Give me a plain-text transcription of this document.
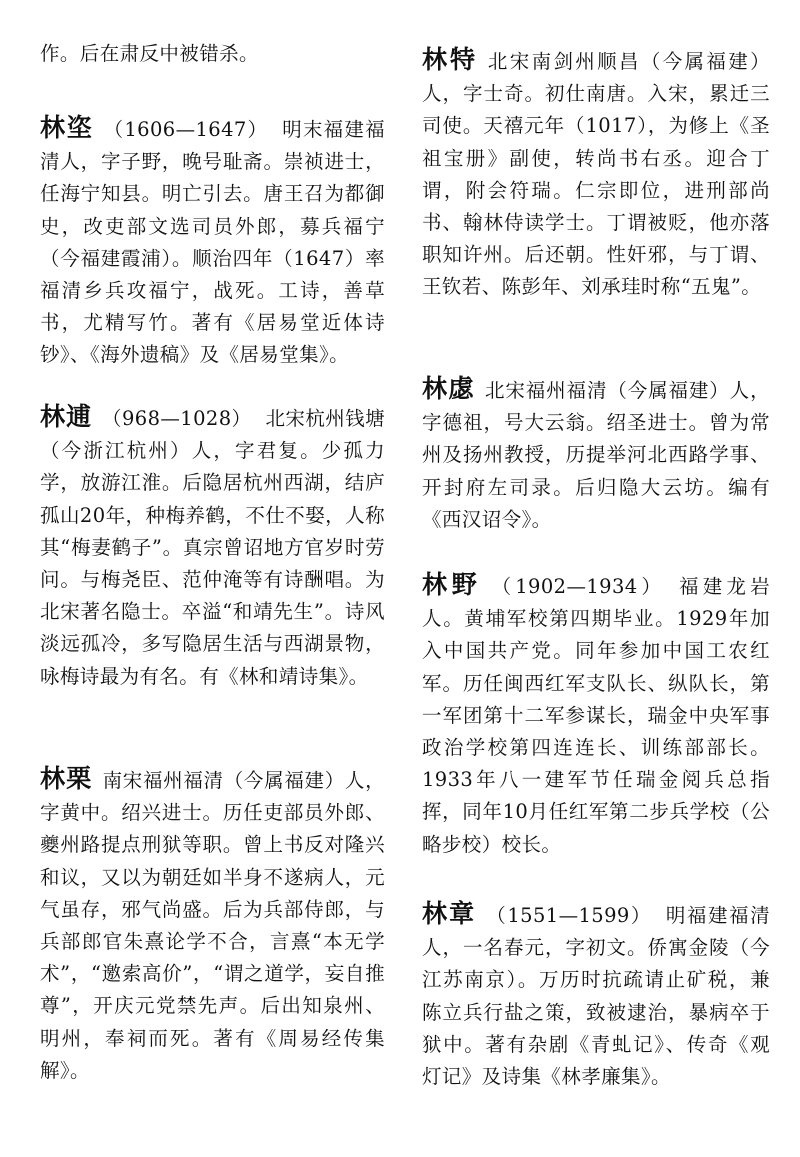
作。后在肃反中被错杀。

林垐 （1606—1647） 明末福建福清人，字子野，晚号耻斋。崇祯进士，任海宁知县。明亡引去。唐王召为都御史，改吏部文选司员外郎，募兵福宁（今福建霞浦）。顺治四年（1647）率福清乡兵攻福宁，战死。工诗，善草书，尤精写竹。著有《居易堂近体诗钞》、《海外遗稿》及《居易堂集》。

林逋 （968—1028） 北宋杭州钱塘（今浙江杭州）人，字君复。少孤力学，放游江淮。后隐居杭州西湖，结庐孤山20年，种梅养鹤，不仕不娶，人称其“梅妻鹤子”。真宗曾诏地方官岁时劳问。与梅尧臣、范仲淹等有诗酬唱。为北宋著名隐士。卒溢“和靖先生”。诗风淡远孤冷，多写隐居生活与西湖景物，咏梅诗最为有名。有《林和靖诗集》。

林栗 南宋福州福清（今属福建）人，字黄中。绍兴进士。历任吏部员外郎、夔州路提点刑狱等职。曾上书反对隆兴和议，又以为朝廷如半身不遂病人，元气虽存，邪气尚盛。后为兵部侍郎，与兵部郎官朱熹论学不合，言熹“本无学术”，“邀索高价”，“谓之道学，妄自推尊”，开庆元党禁先声。后出知泉州、明州，奉祠而死。著有《周易经传集解》。

林特 北宋南剑州顺昌（今属福建）人，字士奇。初仕南唐。入宋，累迁三司使。天禧元年（1017），为修上《圣祖宝册》副使，转尚书右丞。迎合丁谓，附会符瑞。仁宗即位，进刑部尚书、翰林侍读学士。丁谓被贬，他亦落职知许州。后还朝。性奸邪，与丁谓、王钦若、陈彭年、刘承珪时称“五鬼”。

林虙 北宋福州福清（今属福建）人，字德祖，号大云翁。绍圣进士。曾为常州及扬州教授，历提举河北西路学事、开封府左司录。后归隐大云坊。编有《西汉诏令》。

林野 （1902—1934） 福建龙岩人。黄埔军校第四期毕业。1929年加入中国共产党。同年参加中国工农红军。历任闽西红军支队长、纵队长，第一军团第十二军参谋长，瑞金中央军事政治学校第四连连长、训练部部长。1933年八一建军节任瑞金阅兵总指挥，同年10月任红军第二步兵学校（公略步校）校长。

林章 （1551—1599） 明福建福清人，一名春元，字初文。侨寓金陵（今江苏南京）。万历时抗疏请止矿税，兼陈立兵行盐之策，致被逮治，暴病卒于狱中。著有杂剧《青虬记》、传奇《观灯记》及诗集《林孝廉集》。
